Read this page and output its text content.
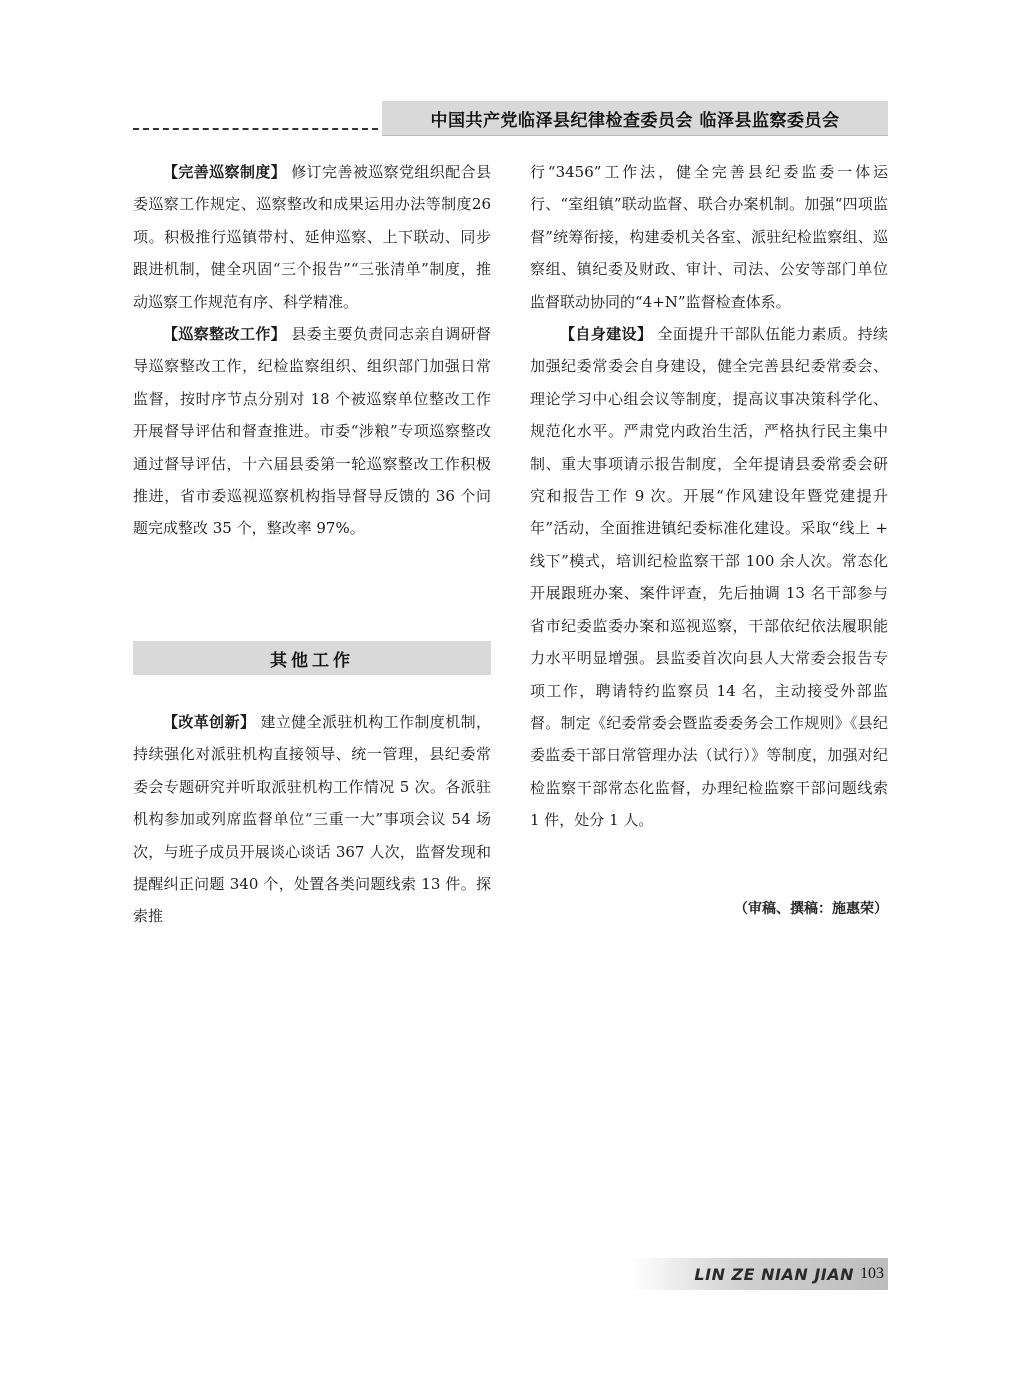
中国共产党临泽县纪律检查委员会 临泽县监察委员会

【完善巡察制度】 修订完善被巡察党组织配合县委巡察工作规定、巡察整改和成果运用办法等制度26项。积极推行巡镇带村、延伸巡察、上下联动、同步跟进机制，健全巩固“三个报告”“三张清单”制度，推动巡察工作规范有序、科学精准。

【巡察整改工作】 县委主要负责同志亲自调研督导巡察整改工作，纪检监察组织、组织部门加强日常监督，按时序节点分别对 18 个被巡察单位整改工作开展督导评估和督查推进。市委“涉粮”专项巡察整改通过督导评估，十六届县委第一轮巡察整改工作积极推进，省市委巡视巡察机构指导督导反馈的 36 个问题完成整改 35 个，整改率 97%。

其他工作

【改革创新】 建立健全派驻机构工作制度机制，持续强化对派驻机构直接领导、统一管理，县纪委常委会专题研究并听取派驻机构工作情况 5 次。各派驻机构参加或列席监督单位“三重一大”事项会议 54 场次，与班子成员开展谈心谈话 367 人次，监督发现和提醒纠正问题 340 个，处置各类问题线索 13 件。探索推

行“3456”工作法，健全完善县纪委监委一体运行、“室组镇”联动监督、联合办案机制。加强“四项监督”统筹衔接，构建委机关各室、派驻纪检监察组、巡察组、镇纪委及财政、审计、司法、公安等部门单位监督联动协同的“4+N”监督检查体系。

【自身建设】 全面提升干部队伍能力素质。持续加强纪委常委会自身建设，健全完善县纪委常委会、理论学习中心组会议等制度，提高议事决策科学化、规范化水平。严肃党内政治生活，严格执行民主集中制、重大事项请示报告制度，全年提请县委常委会研究和报告工作 9 次。开展“作风建设年暨党建提升年”活动，全面推进镇纪委标准化建设。采取“线上 + 线下”模式，培训纪检监察干部 100 余人次。常态化开展跟班办案、案件评查，先后抽调 13 名干部参与省市纪委监委办案和巡视巡察，干部依纪依法履职能力水平明显增强。县监委首次向县人大常委会报告专项工作，聘请特约监察员 14 名，主动接受外部监督。制定《纪委常委会暨监委委务会工作规则》《县纪委监委干部日常管理办法（试行）》等制度，加强对纪检监察干部常态化监督，办理纪检监察干部问题线索 1 件，处分 1 人。

（审稿、撰稿：施惠荣）
LIN ZE NIAN JIAN 103
